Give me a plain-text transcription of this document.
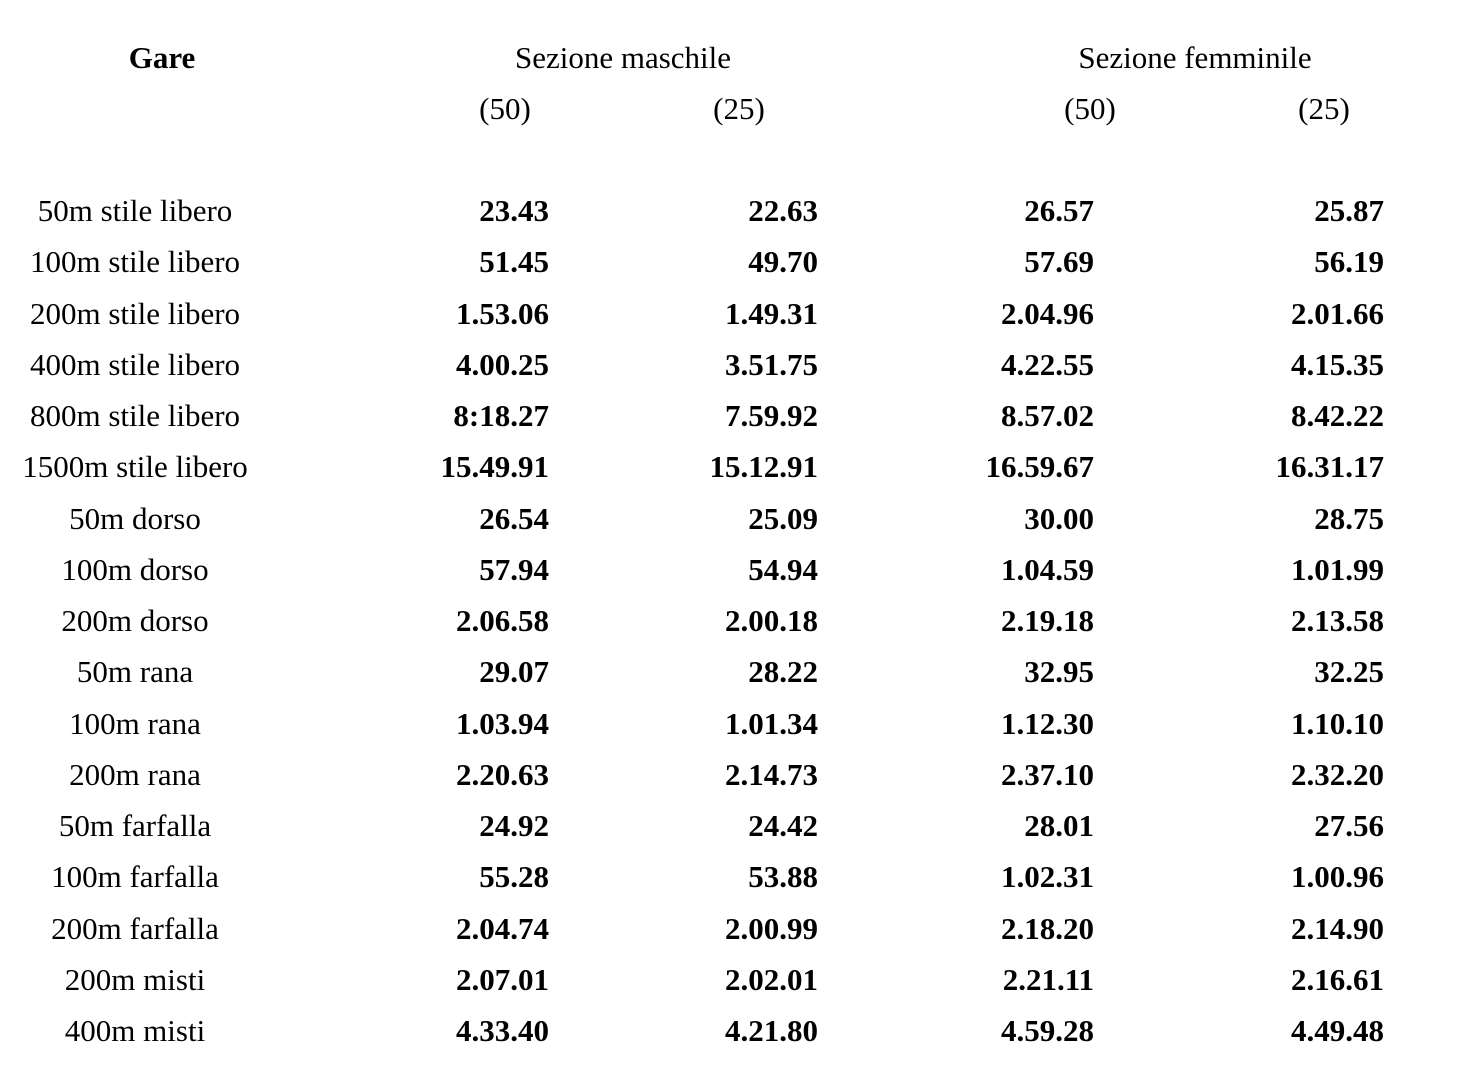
Gare	Sezione maschile	Sezione femminile
(50)	(25)	(50)	(25)
50m stile libero	23.43	22.63	26.57	25.87
100m stile libero	51.45	49.70	57.69	56.19
200m stile libero	1.53.06	1.49.31	2.04.96	2.01.66
400m stile libero	4.00.25	3.51.75	4.22.55	4.15.35
800m stile libero	8:18.27	7.59.92	8.57.02	8.42.22
1500m stile libero	15.49.91	15.12.91	16.59.67	16.31.17
50m dorso	26.54	25.09	30.00	28.75
100m dorso	57.94	54.94	1.04.59	1.01.99
200m dorso	2.06.58	2.00.18	2.19.18	2.13.58
50m rana	29.07	28.22	32.95	32.25
100m rana	1.03.94	1.01.34	1.12.30	1.10.10
200m rana	2.20.63	2.14.73	2.37.10	2.32.20
50m farfalla	24.92	24.42	28.01	27.56
100m farfalla	55.28	53.88	1.02.31	1.00.96
200m farfalla	2.04.74	2.00.99	2.18.20	2.14.90
200m misti	2.07.01	2.02.01	2.21.11	2.16.61
400m misti	4.33.40	4.21.80	4.59.28	4.49.48
